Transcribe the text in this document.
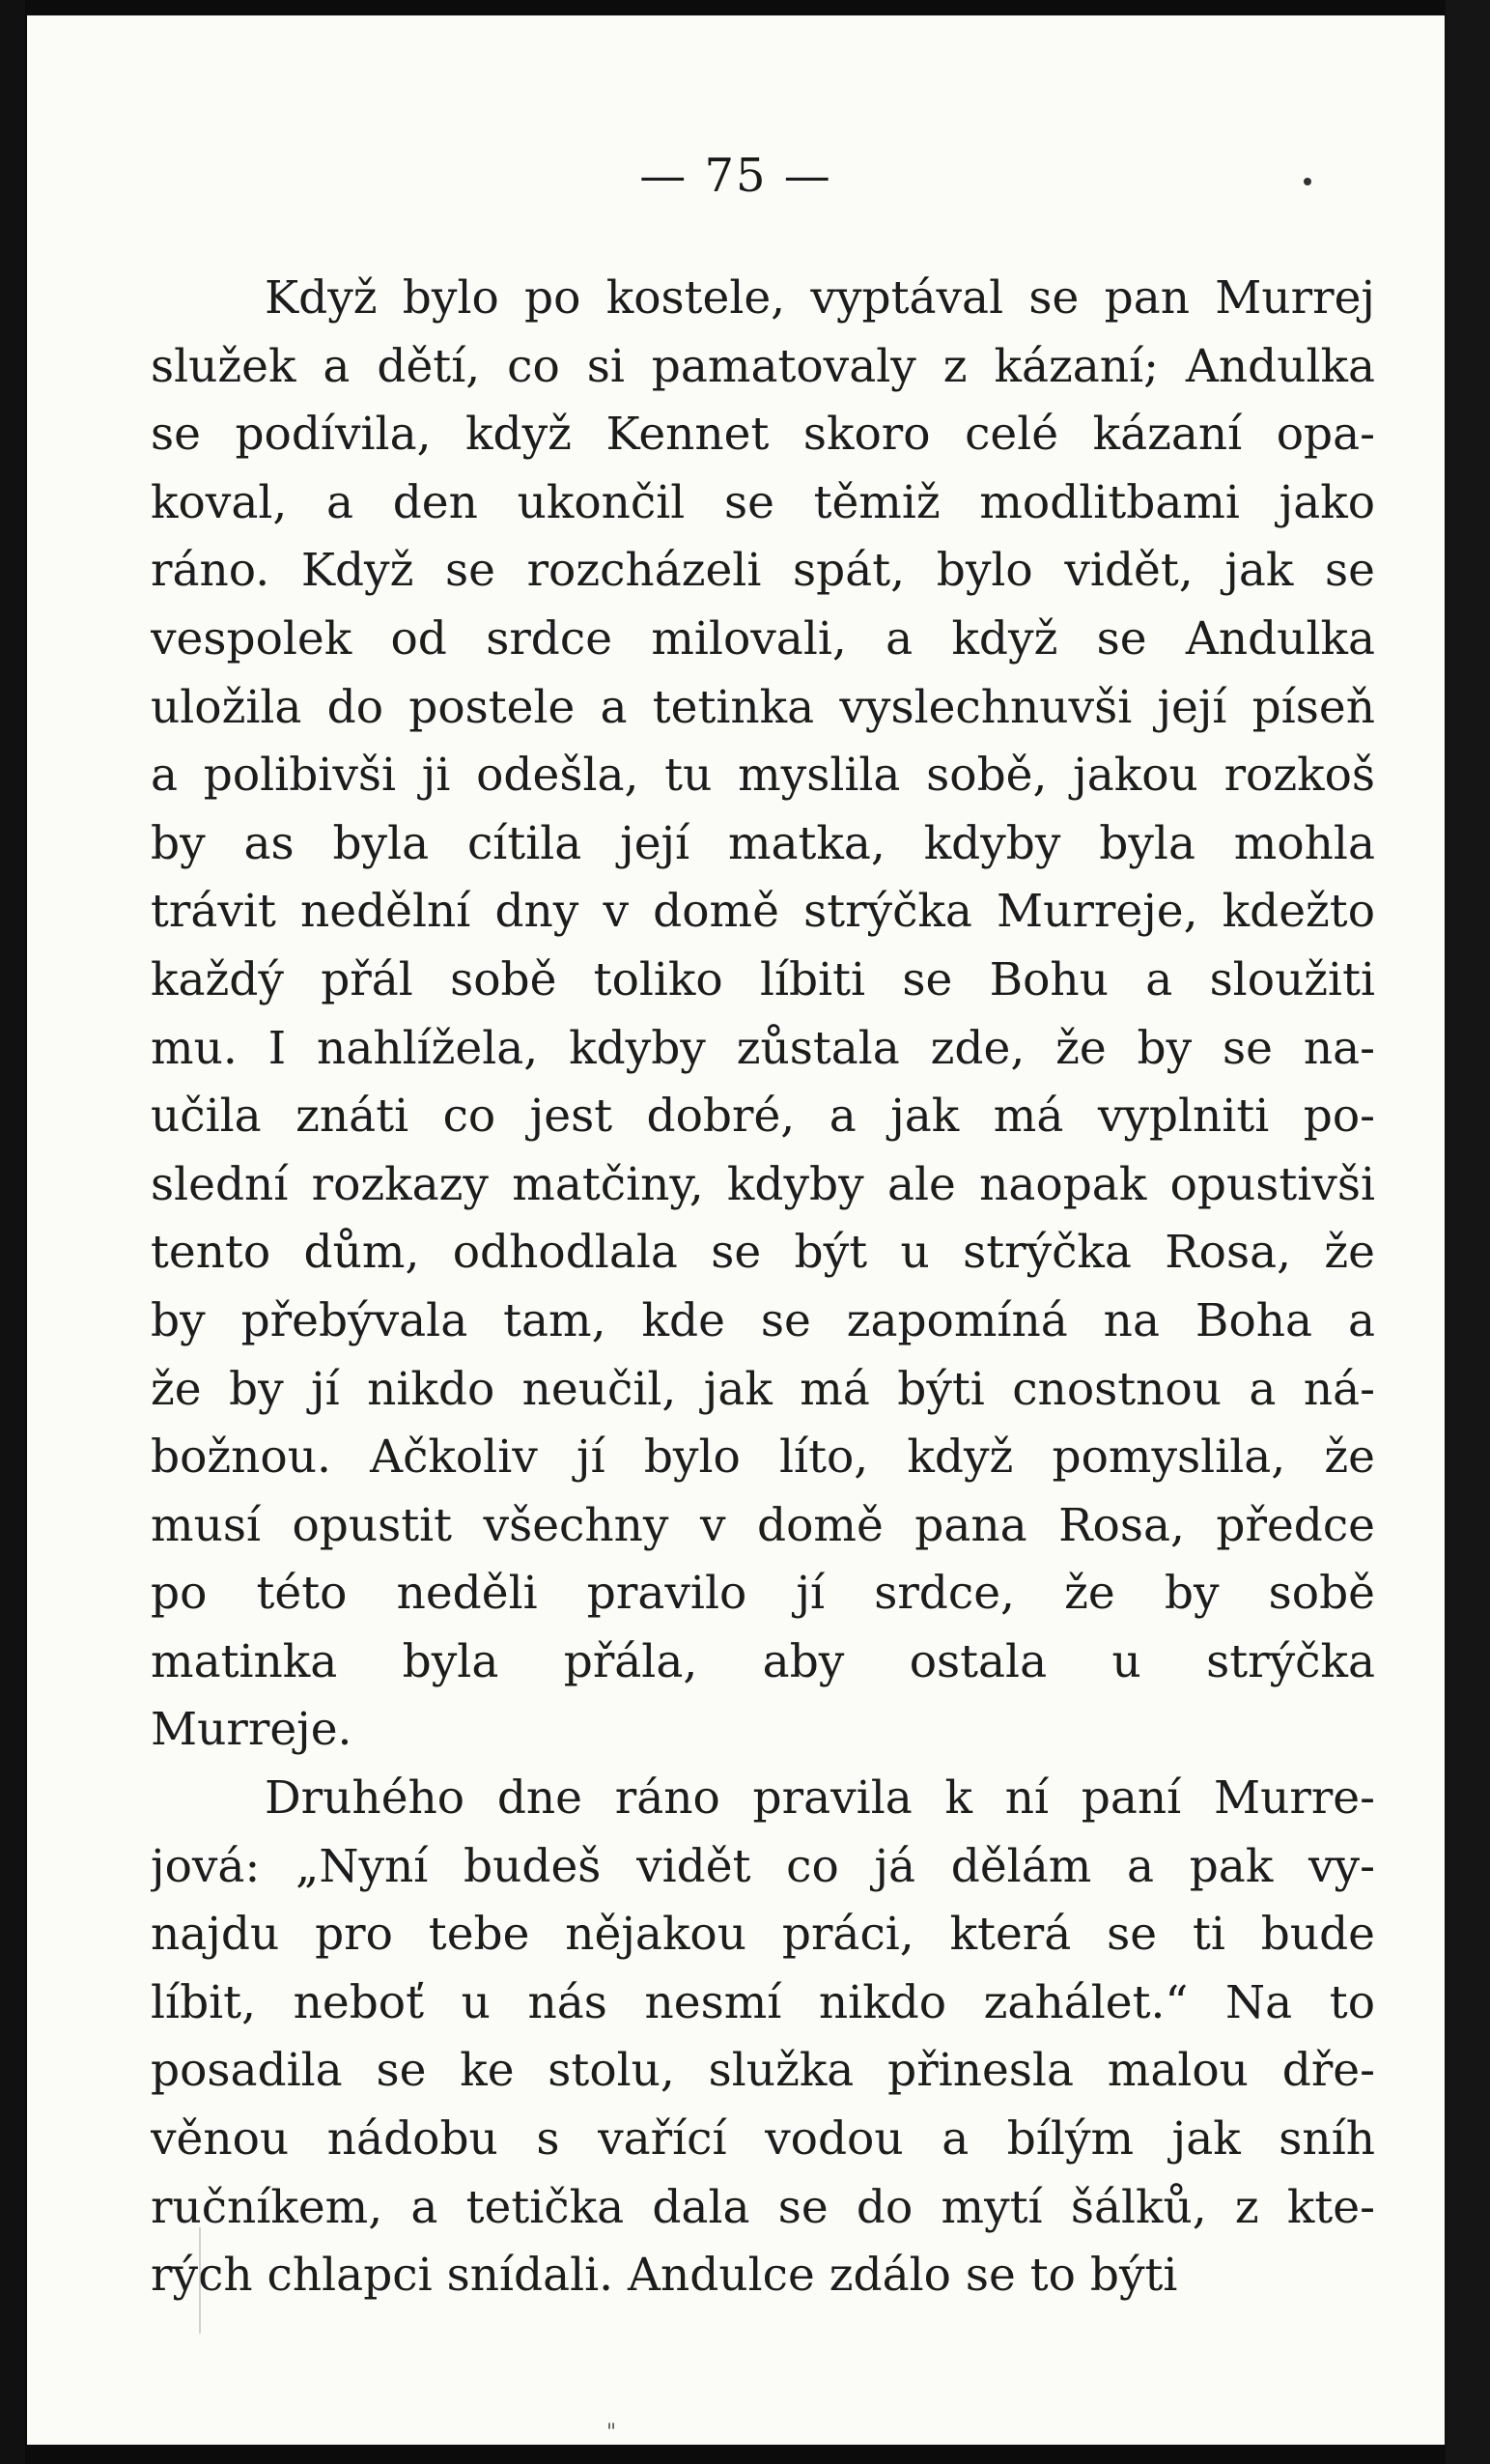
— 75 —
Když bylo po kostele, vyptával se pan Murrej
služek a dětí, co si pamatovaly z kázaní; Andulka
se podívila, když Kennet skoro celé kázaní opa-
koval, a den ukončil se těmiž modlitbami jako
ráno. Když se rozcházeli spát, bylo vidět, jak se
vespolek od srdce milovali, a když se Andulka
uložila do postele a tetinka vyslechnuvši její píseň
a polibivši ji odešla, tu myslila sobě, jakou rozkoš
by as byla cítila její matka, kdyby byla mohla
trávit nedělní dny v domě strýčka Murreje, kdežto
každý přál sobě toliko líbiti se Bohu a sloužiti
mu. I nahlížela, kdyby zůstala zde, že by se na-
učila znáti co jest dobré, a jak má vyplniti po-
slední rozkazy matčiny, kdyby ale naopak opustivši
tento dům, odhodlala se být u strýčka Rosa, že
by přebývala tam, kde se zapomíná na Boha a
že by jí nikdo neučil, jak má býti cnostnou a ná-
božnou. Ačkoliv jí bylo líto, když pomyslila, že
musí opustit všechny v domě pana Rosa, předce
po této neděli pravilo jí srdce, že by sobě
matinka byla přála, aby ostala u strýčka
Murreje.
Druhého dne ráno pravila k ní paní Murre-
jová: „Nyní budeš vidět co já dělám a pak vy-
najdu pro tebe nějakou práci, která se ti bude
líbit, neboť u nás nesmí nikdo zahálet.“ Na to
posadila se ke stolu, služka přinesla malou dře-
věnou nádobu s vařící vodou a bílým jak sníh
ručníkem, a tetička dala se do mytí šálků, z kte-
rých chlapci snídali. Andulce zdálo se to býti
"
